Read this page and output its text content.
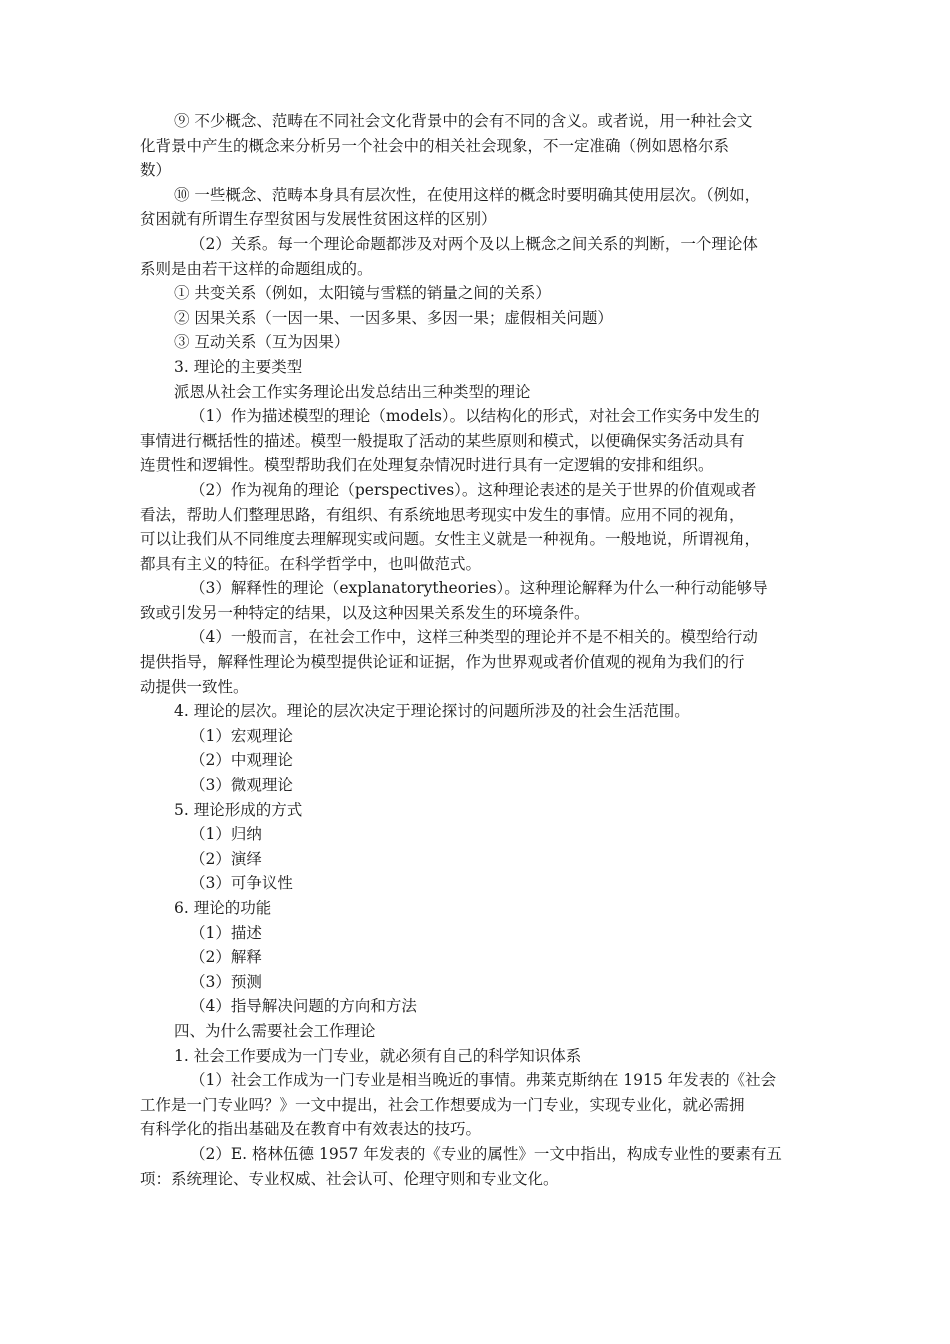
⑨ 不少概念、范畴在不同社会文化背景中的会有不同的含义。或者说，用一种社会文

化背景中产生的概念来分析另一个社会中的相关社会现象，不一定准确（例如恩格尔系

数）

⑩ 一些概念、范畴本身具有层次性，在使用这样的概念时要明确其使用层次。（例如，

贫困就有所谓生存型贫困与发展性贫困这样的区别）

（2）关系。每一个理论命题都涉及对两个及以上概念之间关系的判断，一个理论体

系则是由若干这样的命题组成的。

① 共变关系（例如，太阳镜与雪糕的销量之间的关系）

② 因果关系（一因一果、一因多果、多因一果；虚假相关问题）

③ 互动关系（互为因果）

3. 理论的主要类型

派恩从社会工作实务理论出发总结出三种类型的理论

（1）作为描述模型的理论（models）。以结构化的形式，对社会工作实务中发生的

事情进行概括性的描述。模型一般提取了活动的某些原则和模式，以便确保实务活动具有

连贯性和逻辑性。模型帮助我们在处理复杂情况时进行具有一定逻辑的安排和组织。

（2）作为视角的理论（perspectives）。这种理论表述的是关于世界的价值观或者

看法，帮助人们整理思路，有组织、有系统地思考现实中发生的事情。应用不同的视角，

可以让我们从不同维度去理解现实或问题。女性主义就是一种视角。一般地说，所谓视角，

都具有主义的特征。在科学哲学中，也叫做范式。

（3）解释性的理论（explanatorytheories）。这种理论解释为什么一种行动能够导

致或引发另一种特定的结果，以及这种因果关系发生的环境条件。

（4）一般而言，在社会工作中，这样三种类型的理论并不是不相关的。模型给行动

提供指导，解释性理论为模型提供论证和证据，作为世界观或者价值观的视角为我们的行

动提供一致性。

4. 理论的层次。理论的层次决定于理论探讨的问题所涉及的社会生活范围。

（1）宏观理论

（2）中观理论

（3）微观理论

5. 理论形成的方式

（1）归纳

（2）演绎

（3）可争议性

6. 理论的功能

（1）描述

（2）解释

（3）预测

（4）指导解决问题的方向和方法

四、为什么需要社会工作理论

1. 社会工作要成为一门专业，就必须有自己的科学知识体系

（1）社会工作成为一门专业是相当晚近的事情。弗莱克斯纳在 1915 年发表的《社会

工作是一门专业吗？》一文中提出，社会工作想要成为一门专业，实现专业化，就必需拥

有科学化的指出基础及在教育中有效表达的技巧。

（2）E. 格林伍德 1957 年发表的《专业的属性》一文中指出，构成专业性的要素有五

项：系统理论、专业权威、社会认可、伦理守则和专业文化。
